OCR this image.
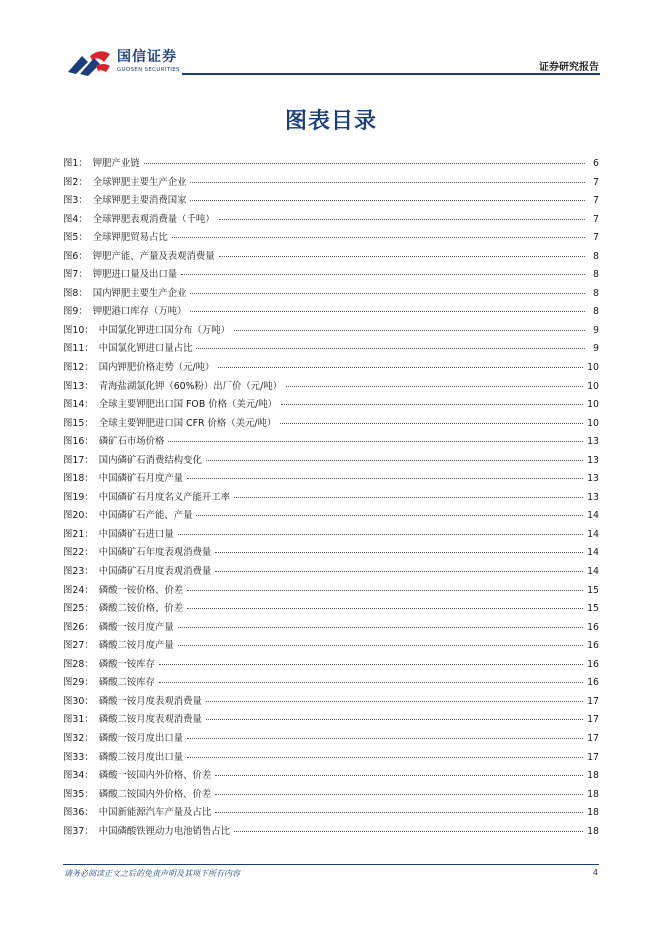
国信证券
GUOSEN SECURITIES	证券研究报告
图表目录
图1： 钾肥产业链	6
图2： 全球钾肥主要生产企业	7
图3： 全球钾肥主要消费国家	7
图4： 全球钾肥表观消费量（千吨）	7
图5： 全球钾肥贸易占比	7
图6： 钾肥产能、产量及表观消费量	8
图7： 钾肥进口量及出口量	8
图8： 国内钾肥主要生产企业	8
图9： 钾肥港口库存（万吨）	8
图10： 中国氯化钾进口国分布（万吨）	9
图11： 中国氯化钾进口量占比	9
图12： 国内钾肥价格走势（元/吨）	10
图13： 青海盐湖氯化钾（60%粉）出厂价（元/吨）	10
图14： 全球主要钾肥出口国 FOB 价格（美元/吨）	10
图15： 全球主要钾肥进口国 CFR 价格（美元/吨）	10
图16： 磷矿石市场价格	13
图17： 国内磷矿石消费结构变化	13
图18： 中国磷矿石月度产量	13
图19： 中国磷矿石月度名义产能开工率	13
图20： 中国磷矿石产能、产量	14
图21： 中国磷矿石进口量	14
图22： 中国磷矿石年度表观消费量	14
图23： 中国磷矿石月度表观消费量	14
图24： 磷酸一铵价格、价差	15
图25： 磷酸二铵价格、价差	15
图26： 磷酸一铵月度产量	16
图27： 磷酸二铵月度产量	16
图28： 磷酸一铵库存	16
图29： 磷酸二铵库存	16
图30： 磷酸一铵月度表观消费量	17
图31： 磷酸二铵月度表观消费量	17
图32： 磷酸一铵月度出口量	17
图33： 磷酸二铵月度出口量	17
图34： 磷酸一铵国内外价格、价差	18
图35： 磷酸二铵国内外价格、价差	18
图36： 中国新能源汽车产量及占比	18
图37： 中国磷酸铁锂动力电池销售占比	18
请务必阅读正文之后的免责声明及其项下所有内容	4
